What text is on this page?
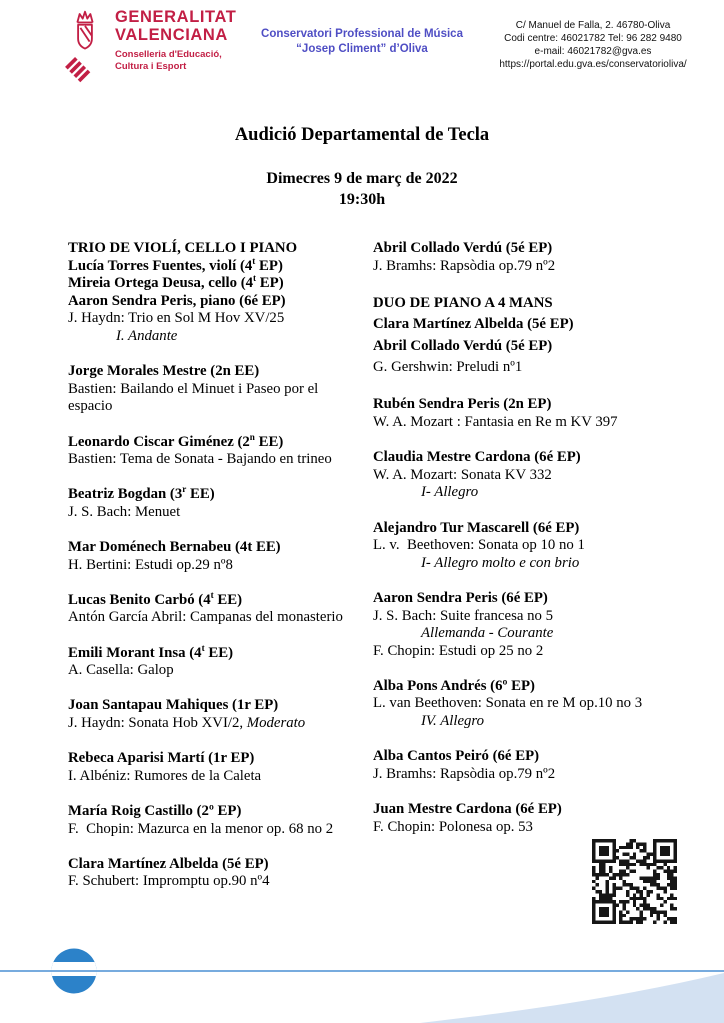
GENERALITAT
VALENCIANA
Conselleria d'Educació,
Cultura i Esport
Conservatori Professional de Música
“Josep Climent” d’Oliva
C/ Manuel de Falla, 2. 46780-Oliva
Codi centre: 46021782 Tel: 96 282 9480
e-mail: 46021782@gva.es
https://portal.edu.gva.es/conservatorioliva/
Audició Departamental de Tecla
Dimecres 9 de març de 2022
19:30h
TRIO DE VIOLÍ, CELLO I PIANO
Lucía Torres Fuentes, violí (4$^t$ EP)
Mireia Ortega Deusa, cello (4$^t$ EP)
Aaron Sendra Peris, piano (6é EP)
J. Haydn: Trio en Sol M Hov XV/25
I. Andante
Jorge Morales Mestre (2n EE)
Bastien: Bailando el Minuet i Paseo por el espacio
Leonardo Ciscar Giménez (2$^n$ EE)
Bastien: Tema de Sonata - Bajando en trineo
Beatriz Bogdan (3$^r$ EE)
J. S. Bach: Menuet
Mar Doménech Bernabeu (4t EE)
H. Bertini: Estudi op.29 nº8
Lucas Benito Carbó (4$^t$ EE)
Antón García Abril: Campanas del monasterio
Emili Morant Insa (4$^t$ EE)
A. Casella: Galop
Joan Santapau Mahiques (1r EP)
J. Haydn: Sonata Hob XVI/2, Moderato
Rebeca Aparisi Martí (1r EP)
I. Albéniz: Rumores de la Caleta
María Roig Castillo (2º EP)
F.  Chopin: Mazurca en la menor op. 68 no 2
Clara Martínez Albelda (5é EP)
F. Schubert: Impromptu op.90 nº4
Abril Collado Verdú (5é EP)
J. Bramhs: Rapsòdia op.79 nº2
DUO DE PIANO A 4 MANS
Clara Martínez Albelda (5é EP)
Abril Collado Verdú (5é EP)
G. Gershwin: Preludi nº1
Rubén Sendra Peris (2n EP)
W. A. Mozart : Fantasia en Re m KV 397
Claudia Mestre Cardona (6é EP)
W. A. Mozart: Sonata KV 332
I- Allegro
Alejandro Tur Mascarell (6é EP)
L. v.  Beethoven: Sonata op 10 no 1
I- Allegro molto e con brio
Aaron Sendra Peris (6é EP)
J. S. Bach: Suite francesa no 5
Allemanda - Courante
F. Chopin: Estudi op 25 no 2
Alba Pons Andrés (6º EP)
L. van Beethoven: Sonata en re M op.10 no 3
IV. Allegro
Alba Cantos Peiró (6é EP)
J. Bramhs: Rapsòdia op.79 nº2
Juan Mestre Cardona (6é EP)
F. Chopin: Polonesa op. 53
